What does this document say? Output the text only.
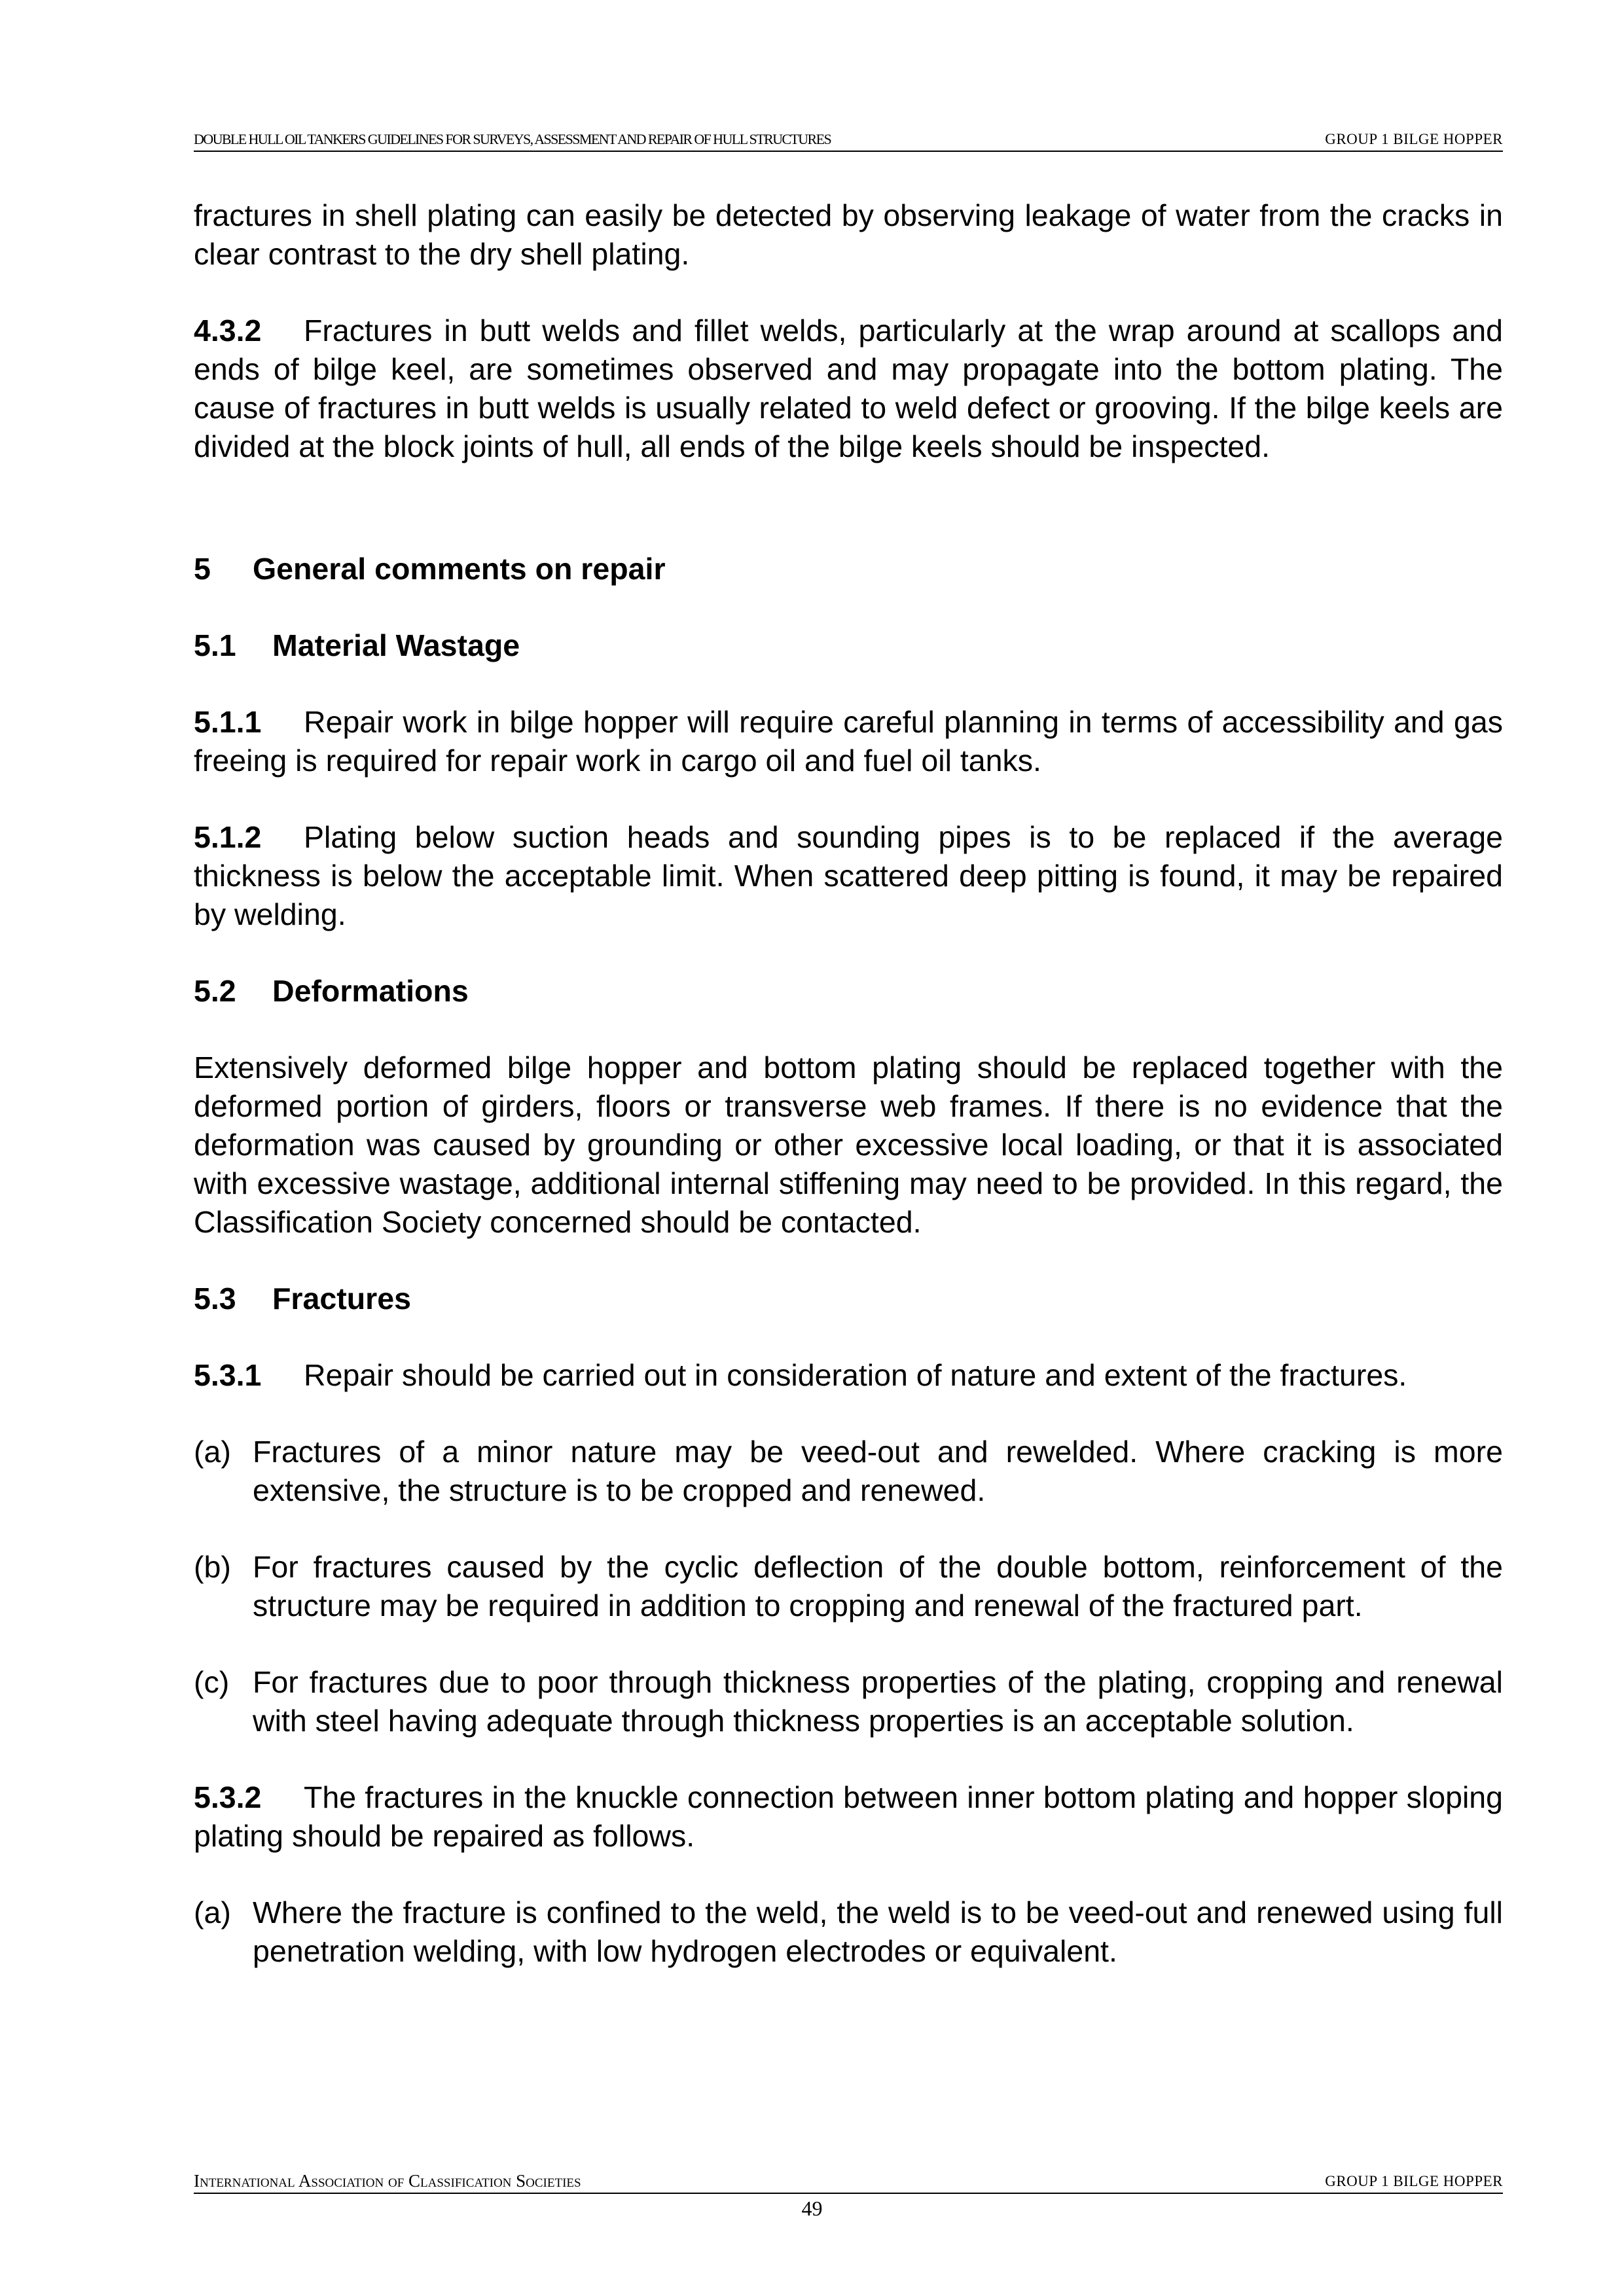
DOUBLE HULL OIL TANKERS GUIDELINES FOR SURVEYS, ASSESSMENT AND REPAIR OF HULL STRUCTURES	GROUP 1 BILGE HOPPER

fractures in shell plating can easily be detected by observing leakage of water from the cracks in clear contrast to the dry shell plating.

4.3.2 Fractures in butt welds and fillet welds, particularly at the wrap around at scallops and ends of bilge keel, are sometimes observed and may propagate into the bottom plating. The cause of fractures in butt welds is usually related to weld defect or grooving. If the bilge keels are divided at the block joints of hull, all ends of the bilge keels should be inspected.

5 General comments on repair
5.1 Material Wastage

5.1.1 Repair work in bilge hopper will require careful planning in terms of accessibility and gas freeing is required for repair work in cargo oil and fuel oil tanks.

5.1.2 Plating below suction heads and sounding pipes is to be replaced if the average thickness is below the acceptable limit. When scattered deep pitting is found, it may be repaired by welding.

5.2 Deformations

Extensively deformed bilge hopper and bottom plating should be replaced together with the deformed portion of girders, floors or transverse web frames. If there is no evidence that the deformation was caused by grounding or other excessive local loading, or that it is associated with excessive wastage, additional internal stiffening may need to be provided. In this regard, the Classification Society concerned should be contacted.

5.3 Fractures

5.3.1 Repair should be carried out in consideration of nature and extent of the fractures.

(a) Fractures of a minor nature may be veed-out and rewelded. Where cracking is more extensive, the structure is to be cropped and renewed.
(b) For fractures caused by the cyclic deflection of the double bottom, reinforcement of the structure may be required in addition to cropping and renewal of the fractured part.
(c) For fractures due to poor through thickness properties of the plating, cropping and renewal with steel having adequate through thickness properties is an acceptable solution.

5.3.2 The fractures in the knuckle connection between inner bottom plating and hopper sloping plating should be repaired as follows.

(a) Where the fracture is confined to the weld, the weld is to be veed-out and renewed using full penetration welding, with low hydrogen electrodes or equivalent.
International Association of Classification Societies	GROUP 1 BILGE HOPPER
49
